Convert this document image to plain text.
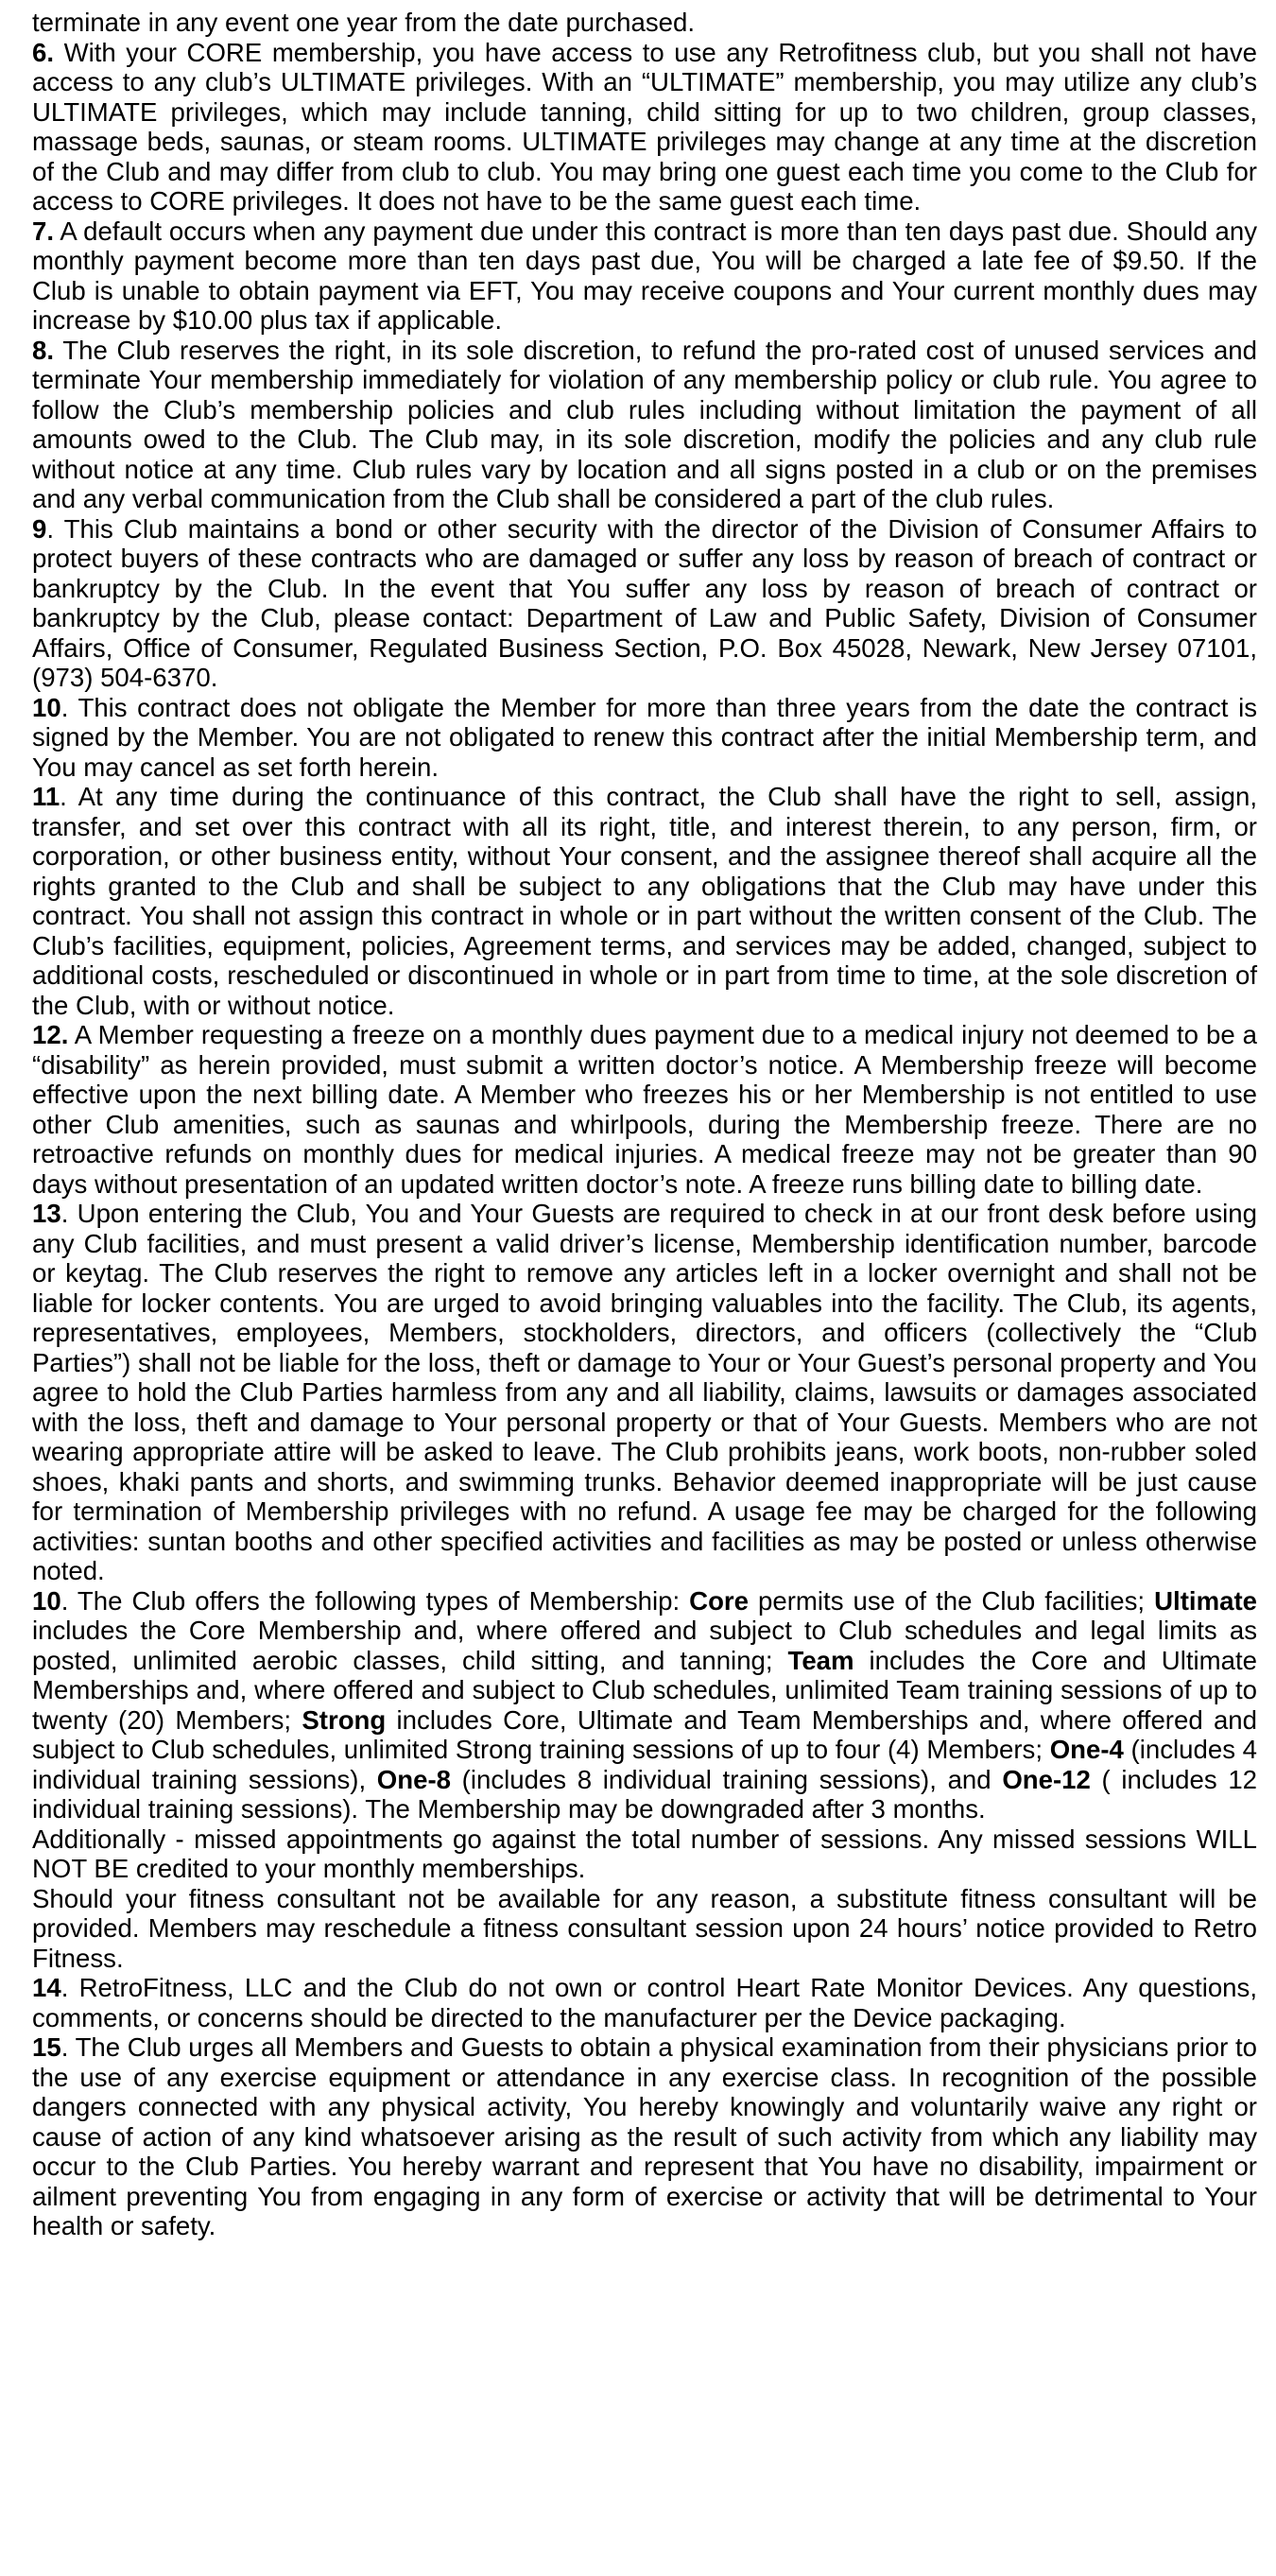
terminate in any event one year from the date purchased.

6. With your CORE membership, you have access to use any Retrofitness club, but you shall not have access to any club’s ULTIMATE privileges. With an “ULTIMATE” membership, you may utilize any club’s ULTIMATE privileges, which may include tanning, child sitting for up to two children, group classes, massage beds, saunas, or steam rooms. ULTIMATE privileges may change at any time at the discretion of the Club and may differ from club to club. You may bring one guest each time you come to the Club for access to CORE privileges. It does not have to be the same guest each time.

7. A default occurs when any payment due under this contract is more than ten days past due. Should any monthly payment become more than ten days past due, You will be charged a late fee of $9.50. If the Club is unable to obtain payment via EFT, You may receive coupons and Your current monthly dues may increase by $10.00 plus tax if applicable.

8. The Club reserves the right, in its sole discretion, to refund the pro-rated cost of unused services and terminate Your membership immediately for violation of any membership policy or club rule. You agree to follow the Club’s membership policies and club rules including without limitation the payment of all amounts owed to the Club. The Club may, in its sole discretion, modify the policies and any club rule without notice at any time. Club rules vary by location and all signs posted in a club or on the premises and any verbal communication from the Club shall be considered a part of the club rules.

9. This Club maintains a bond or other security with the director of the Division of Consumer Affairs to protect buyers of these contracts who are damaged or suffer any loss by reason of breach of contract or bankruptcy by the Club. In the event that You suffer any loss by reason of breach of contract or bankruptcy by the Club, please contact: Department of Law and Public Safety, Division of Consumer Affairs, Office of Consumer, Regulated Business Section, P.O. Box 45028, Newark, New Jersey 07101, (973) 504-6370.

10. This contract does not obligate the Member for more than three years from the date the contract is signed by the Member. You are not obligated to renew this contract after the initial Membership term, and You may cancel as set forth herein.

11. At any time during the continuance of this contract, the Club shall have the right to sell, assign, transfer, and set over this contract with all its right, title, and interest therein, to any person, firm, or corporation, or other business entity, without Your consent, and the assignee thereof shall acquire all the rights granted to the Club and shall be subject to any obligations that the Club may have under this contract. You shall not assign this contract in whole or in part without the written consent of the Club. The Club’s facilities, equipment, policies, Agreement terms, and services may be added, changed, subject to additional costs, rescheduled or discontinued in whole or in part from time to time, at the sole discretion of the Club, with or without notice.

12. A Member requesting a freeze on a monthly dues payment due to a medical injury not deemed to be a “disability” as herein provided, must submit a written doctor’s notice. A Membership freeze will become effective upon the next billing date. A Member who freezes his or her Membership is not entitled to use other Club amenities, such as saunas and whirlpools, during the Membership freeze. There are no retroactive refunds on monthly dues for medical injuries. A medical freeze may not be greater than 90 days without presentation of an updated written doctor’s note. A freeze runs billing date to billing date.

13. Upon entering the Club, You and Your Guests are required to check in at our front desk before using any Club facilities, and must present a valid driver’s license, Membership identification number, barcode or keytag. The Club reserves the right to remove any articles left in a locker overnight and shall not be liable for locker contents. You are urged to avoid bringing valuables into the facility. The Club, its agents, representatives, employees, Members, stockholders, directors, and officers (collectively the “Club Parties”) shall not be liable for the loss, theft or damage to Your or Your Guest’s personal property and You agree to hold the Club Parties harmless from any and all liability, claims, lawsuits or damages associated with the loss, theft and damage to Your personal property or that of Your Guests. Members who are not wearing appropriate attire will be asked to leave. The Club prohibits jeans, work boots, non-rubber soled shoes, khaki pants and shorts, and swimming trunks. Behavior deemed inappropriate will be just cause for termination of Membership privileges with no refund. A usage fee may be charged for the following activities: suntan booths and other specified activities and facilities as may be posted or unless otherwise noted.

10. The Club offers the following types of Membership: Core permits use of the Club facilities; Ultimate includes the Core Membership and, where offered and subject to Club schedules and legal limits as posted, unlimited aerobic classes, child sitting, and tanning; Team includes the Core and Ultimate Memberships and, where offered and subject to Club schedules, unlimited Team training sessions of up to twenty (20) Members; Strong includes Core, Ultimate and Team Memberships and, where offered and subject to Club schedules, unlimited Strong training sessions of up to four (4) Members; One-4 (includes 4 individual training sessions), One-8 (includes 8 individual training sessions), and One-12 ( includes 12 individual training sessions). The Membership may be downgraded after 3 months.

Additionally - missed appointments go against the total number of sessions. Any missed sessions WILL NOT BE credited to your monthly memberships.

Should your fitness consultant not be available for any reason, a substitute fitness consultant will be provided. Members may reschedule a fitness consultant session upon 24 hours’ notice provided to Retro Fitness.

14. RetroFitness, LLC and the Club do not own or control Heart Rate Monitor Devices. Any questions, comments, or concerns should be directed to the manufacturer per the Device packaging.

15. The Club urges all Members and Guests to obtain a physical examination from their physicians prior to the use of any exercise equipment or attendance in any exercise class. In recognition of the possible dangers connected with any physical activity, You hereby knowingly and voluntarily waive any right or cause of action of any kind whatsoever arising as the result of such activity from which any liability may occur to the Club Parties. You hereby warrant and represent that You have no disability, impairment or ailment preventing You from engaging in any form of exercise or activity that will be detrimental to Your health or safety.
